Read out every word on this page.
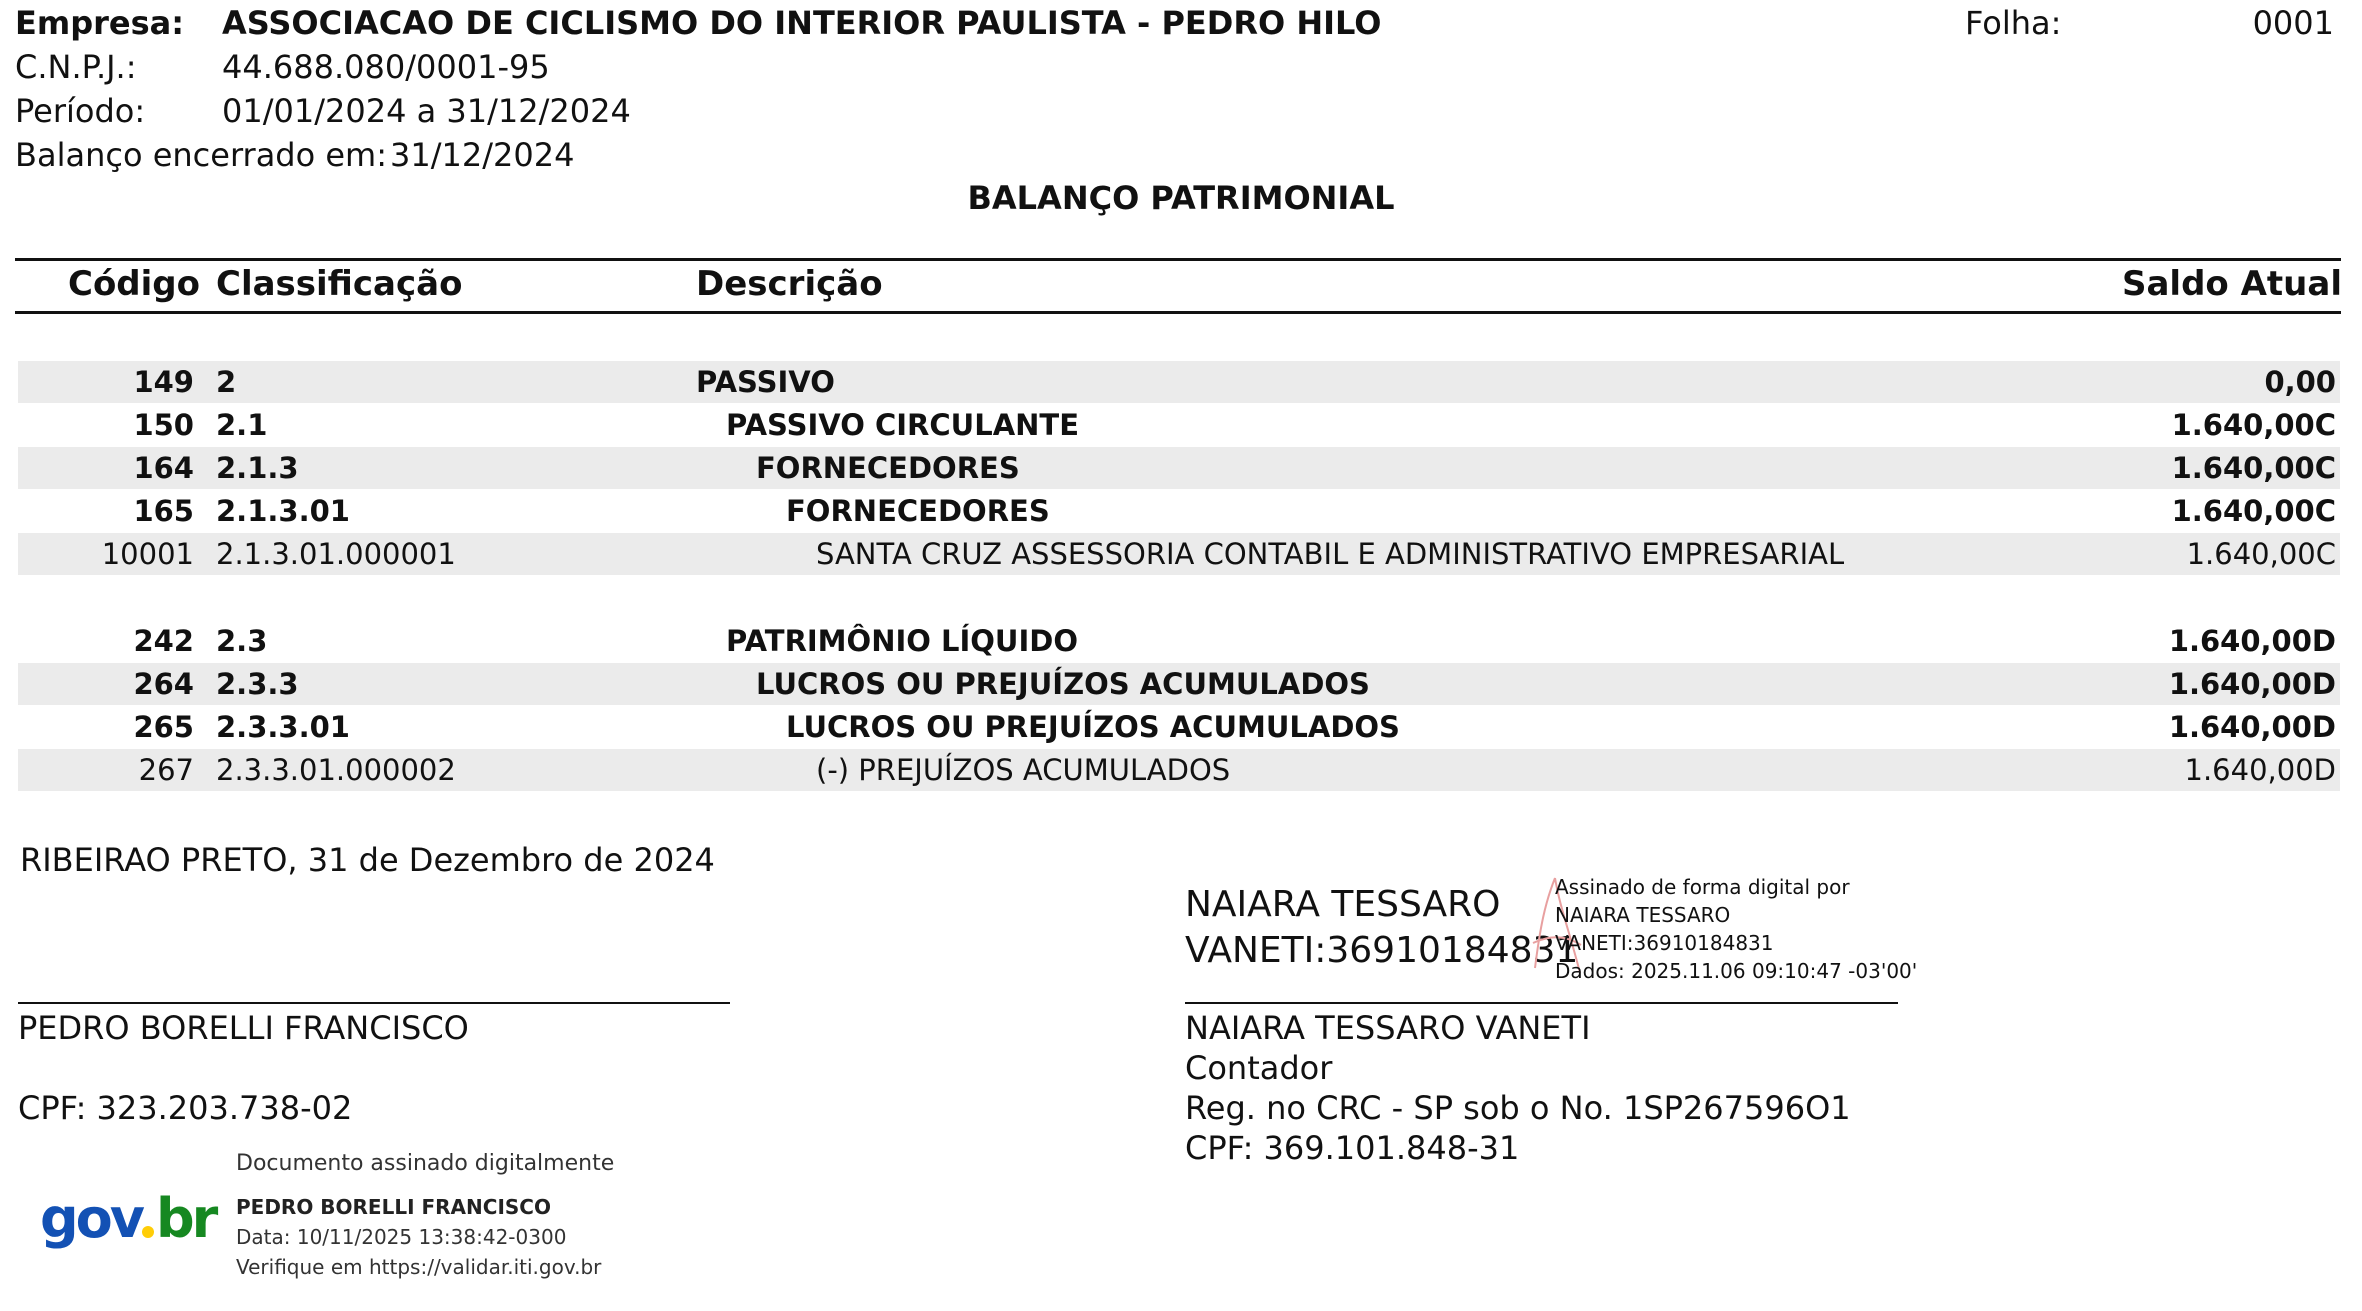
Empresa: ASSOCIACAO DE CICLISMO DO INTERIOR PAULISTA - PEDRO HILO	Folha:	0001
C.N.P.J.:	44.688.080/0001-95
Período: 01/01/2024 a 31/12/2024
Balanço encerrado em: 31/12/2024
BALANÇO PATRIMONIAL
Código Classificação	Descrição	Saldo Atual
149 2	PASSIVO	0,00
150 2.1	PASSIVO CIRCULANTE	1.640,00C
164 2.1.3	FORNECEDORES	1.640,00C
165 2.1.3.01	FORNECEDORES	1.640,00C
10001 2.1.3.01.000001	SANTA CRUZ ASSESSORIA CONTABIL E ADMINISTRATIVO EMPRESARIAL	1.640,00C
242 2.3	PATRIMÔNIO LÍQUIDO	1.640,00D
264 2.3.3	LUCROS OU PREJUÍZOS ACUMULADOS	1.640,00D
265 2.3.3.01	LUCROS OU PREJUÍZOS ACUMULADOS	1.640,00D
267 2.3.3.01.000002	(-) PREJUÍZOS ACUMULADOS	1.640,00D
RIBEIRAO PRETO, 31 de Dezembro de 2024
PEDRO BORELLI FRANCISCO
CPF: 323.203.738-02
gov br
Documento assinado digitalmente
PEDRO BORELLI FRANCISCO
Data: 10/11/2025 13:38:42-0300
Verifique em https://validar.iti.gov.br
NAIARA TESSARO
VANETI:36910184831
Assinado de forma digital por
NAIARA TESSARO
VANETI:36910184831
Dados: 2025.11.06 09:10:47 -03'00'
NAIARA TESSARO VANETI
Contador
Reg. no CRC - SP sob o No. 1SP267596O1
CPF: 369.101.848-31
